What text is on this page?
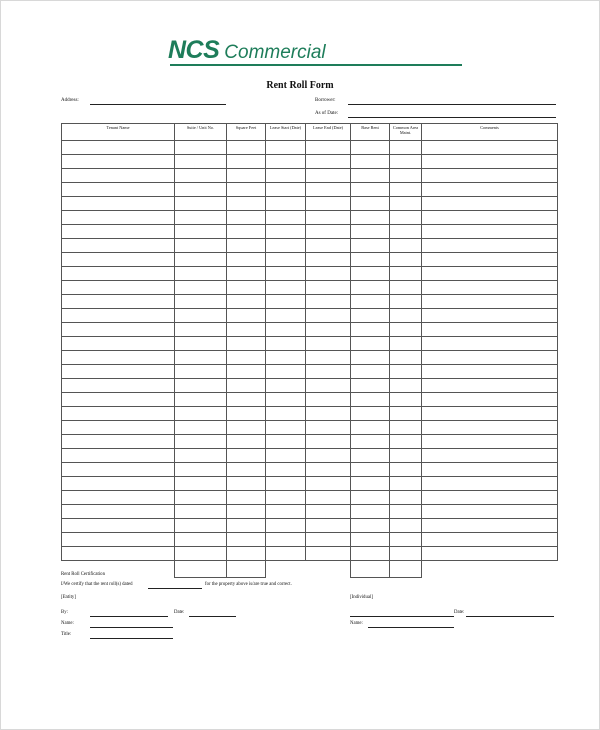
NCS Commercial
Rent Roll Form
Address:	Borrower:
As of Date:
Tenant Name	Suite / Unit No.	Square Feet	Lease Start (Date)	Lease End (Date)	Base Rent	Common Area Maint.	Comments

Rent Roll Certification
I/We certify that the rent roll(s) dated	for the property above is/are true and correct.
[Entity]	[Individual]
By:	Date:	Date:
Name:	Name:
Title:
